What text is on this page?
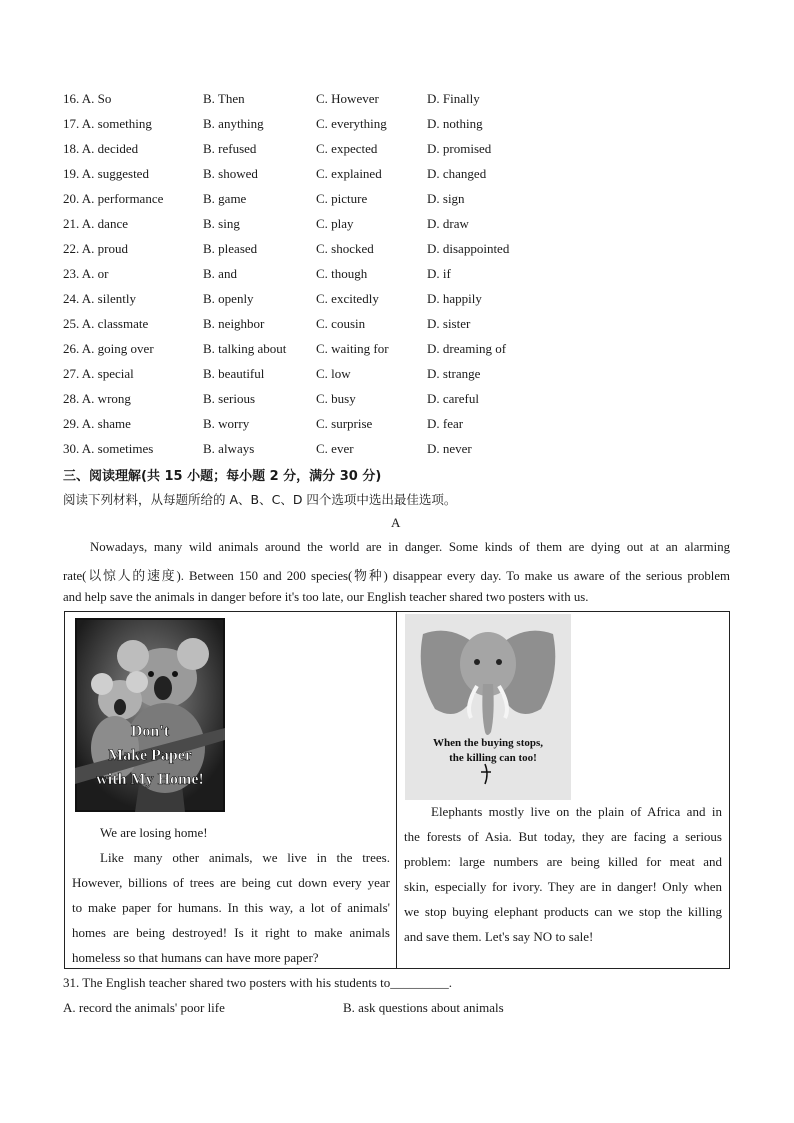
16. A. So	B. Then	C. However	D. Finally
17. A. something	B. anything	C. everything	D. nothing
18. A. decided	B. refused	C. expected	D. promised
19. A. suggested	B. showed	C. explained	D. changed
20. A. performance	B. game	C. picture	D. sign
21. A. dance	B. sing	C. play	D. draw
22. A. proud	B. pleased	C. shocked	D. disappointed
23. A. or	B. and	C. though	D. if
24. A. silently	B. openly	C. excitedly	D. happily
25. A. classmate	B. neighbor	C. cousin	D. sister
26. A. going over	B. talking about C. waiting for	D. dreaming of
27. A. special	B. beautiful	C. low	D. strange
28. A. wrong	B. serious	C. busy	D. careful
29. A. shame	B. worry	C. surprise	D. fear
30. A. sometimes	B. always	C. ever	D. never
三、阅读理解(共 15 小题；每小题 2 分，满分 30 分)
阅读下列材料，从每题所给的 A、B、C、D 四个选项中选出最佳选项。
A
Nowadays, many wild animals around the world are in danger. Some kinds of them are dying out at an alarming
rate(以惊人的速度). Between 150 and 200 species(物种) disappear every day. To make us aware of the serious problem
and help save the animals in danger before it's too late, our English teacher shared two posters with us.
Don't
Make Paper
with My Home!
We are losing home!
Like many other animals, we live in the trees.
However, billions of trees are being cut down every year
to make paper for humans. In this way, a lot of animals'
homes are being destroyed! Is it right to make animals
homeless so that humans can have more paper?
When the buying stops,
the killing can too!
Elephants mostly live on the plain of Africa and in
the forests of Asia. But today, they are facing a serious
problem: large numbers are being killed for meat and
skin, especially for ivory. They are in danger! Only when
we stop buying elephant products can we stop the killing
and save them. Let's say NO to sale!
31. The English teacher shared two posters with his students to_________.
A. record the animals' poor life	B. ask questions about animals
